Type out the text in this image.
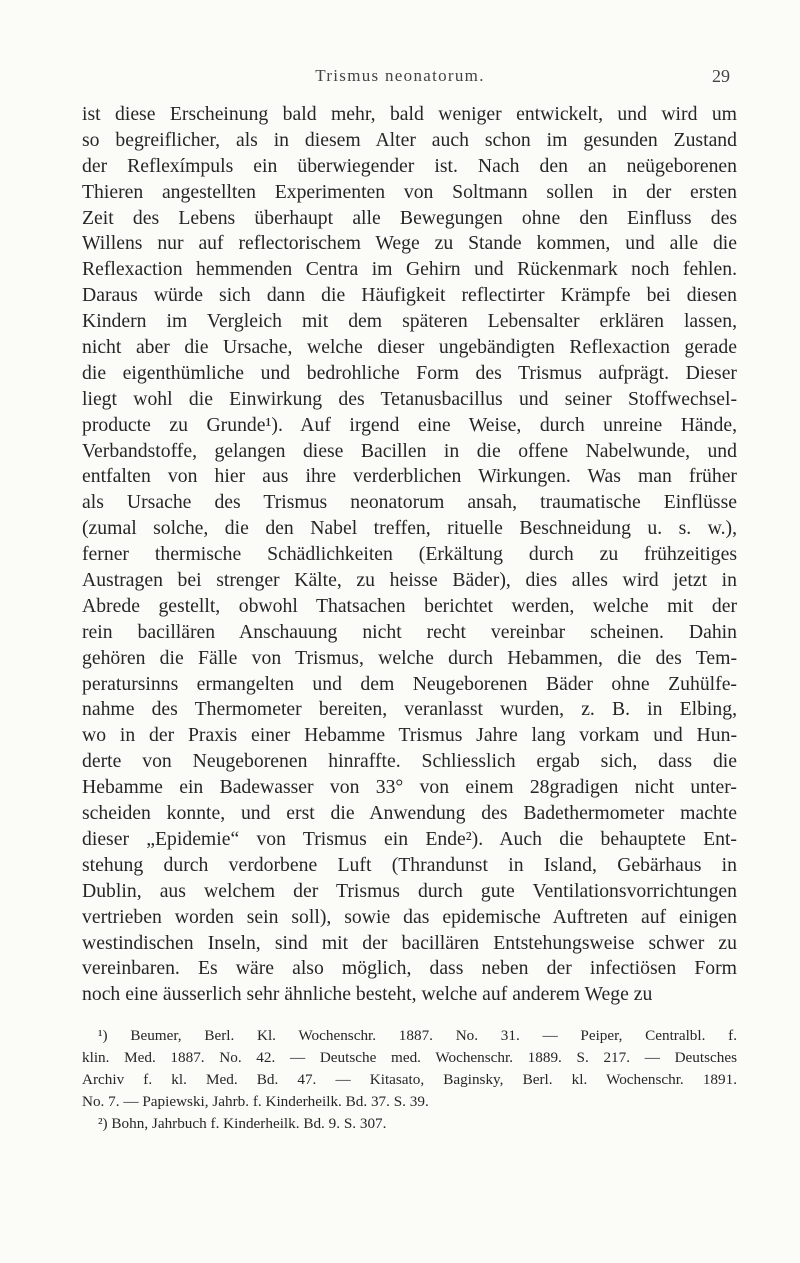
Trismus neonatorum.	29
ist diese Erscheinung bald mehr, bald weniger entwickelt, und wird um
so begreiflicher, als in diesem Alter auch schon im gesunden Zustand
der Reflexímpuls ein überwiegender ist. Nach den an neügeborenen
Thieren angestellten Experimenten von Soltmann sollen in der ersten
Zeit des Lebens überhaupt alle Bewegungen ohne den Einfluss des
Willens nur auf reflectorischem Wege zu Stande kommen, und alle die
Reflexaction hemmenden Centra im Gehirn und Rückenmark noch fehlen.
Daraus würde sich dann die Häufigkeit reflectirter Krämpfe bei diesen
Kindern im Vergleich mit dem späteren Lebensalter erklären lassen,
nicht aber die Ursache, welche dieser ungebändigten Reflexaction gerade
die eigenthümliche und bedrohliche Form des Trismus aufprägt. Dieser
liegt wohl die Einwirkung des Tetanusbacillus und seiner Stoffwechsel-
producte zu Grunde¹). Auf irgend eine Weise, durch unreine Hände,
Verbandstoffe, gelangen diese Bacillen in die offene Nabelwunde, und
entfalten von hier aus ihre verderblichen Wirkungen. Was man früher
als Ursache des Trismus neonatorum ansah, traumatische Einflüsse
(zumal solche, die den Nabel treffen, rituelle Beschneidung u. s. w.),
ferner thermische Schädlichkeiten (Erkältung durch zu frühzeitiges
Austragen bei strenger Kälte, zu heisse Bäder), dies alles wird jetzt in
Abrede gestellt, obwohl Thatsachen berichtet werden, welche mit der
rein bacillären Anschauung nicht recht vereinbar scheinen. Dahin
gehören die Fälle von Trismus, welche durch Hebammen, die des Tem-
peratursinns ermangelten und dem Neugeborenen Bäder ohne Zuhülfe-
nahme des Thermometer bereiten, veranlasst wurden, z. B. in Elbing,
wo in der Praxis einer Hebamme Trismus Jahre lang vorkam und Hun-
derte von Neugeborenen hinraffte. Schliesslich ergab sich, dass die
Hebamme ein Badewasser von 33° von einem 28gradigen nicht unter-
scheiden konnte, und erst die Anwendung des Badethermometer machte
dieser „Epidemie“ von Trismus ein Ende²). Auch die behauptete Ent-
stehung durch verdorbene Luft (Thrandunst in Island, Gebärhaus in
Dublin, aus welchem der Trismus durch gute Ventilationsvorrichtungen
vertrieben worden sein soll), sowie das epidemische Auftreten auf einigen
westindischen Inseln, sind mit der bacillären Entstehungsweise schwer zu
vereinbaren. Es wäre also möglich, dass neben der infectiösen Form
noch eine äusserlich sehr ähnliche besteht, welche auf anderem Wege zu
¹) Beumer, Berl. Kl. Wochenschr. 1887. No. 31. — Peiper, Centralbl. f.
klin. Med. 1887. No. 42. — Deutsche med. Wochenschr. 1889. S. 217. — Deutsches
Archiv f. kl. Med. Bd. 47. — Kitasato, Baginsky, Berl. kl. Wochenschr. 1891.
No. 7. — Papiewski, Jahrb. f. Kinderheilk. Bd. 37. S. 39.
²) Bohn, Jahrbuch f. Kinderheilk. Bd. 9. S. 307.
